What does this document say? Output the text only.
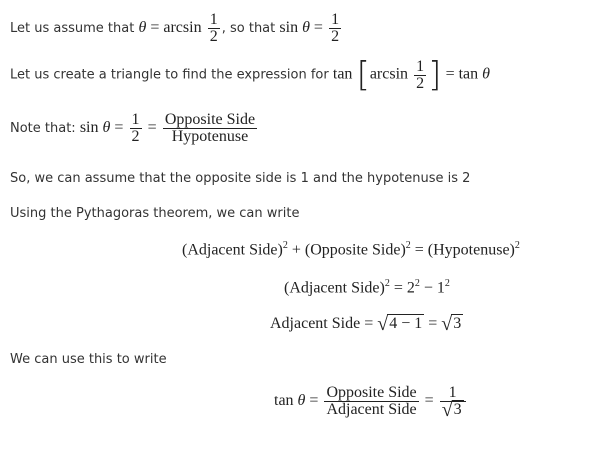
Let us assume that $\theta = \arcsin \frac{1}{2}$ , so that $\sin \theta = \frac{1}{2}$
Let us create a triangle to find the expression for $\tan [\arcsin \frac{1}{2}$ ] = tan θ
Note that: $\sin \theta = \frac{1}{2} = \frac{\text{Opposite Side}}{\text{Hypotenuse}}$
So, we can assume that the opposite side is 1 and the hypotenuse is 2
Using the Pythagoras theorem, we can write
(Adjacent Side)$^2$ + (Opposite Side)$^2$ = (Hypotenuse)$^2$
(Adjacent Side)$^2$ = $2^2 - 1^2$
Adjacent Side = √4 − 1 = √3
We can use this to write
$\tan \theta = \frac{\text{Opposite Side}}{\text{Adjacent Side}} = \frac{1}{√3}$
